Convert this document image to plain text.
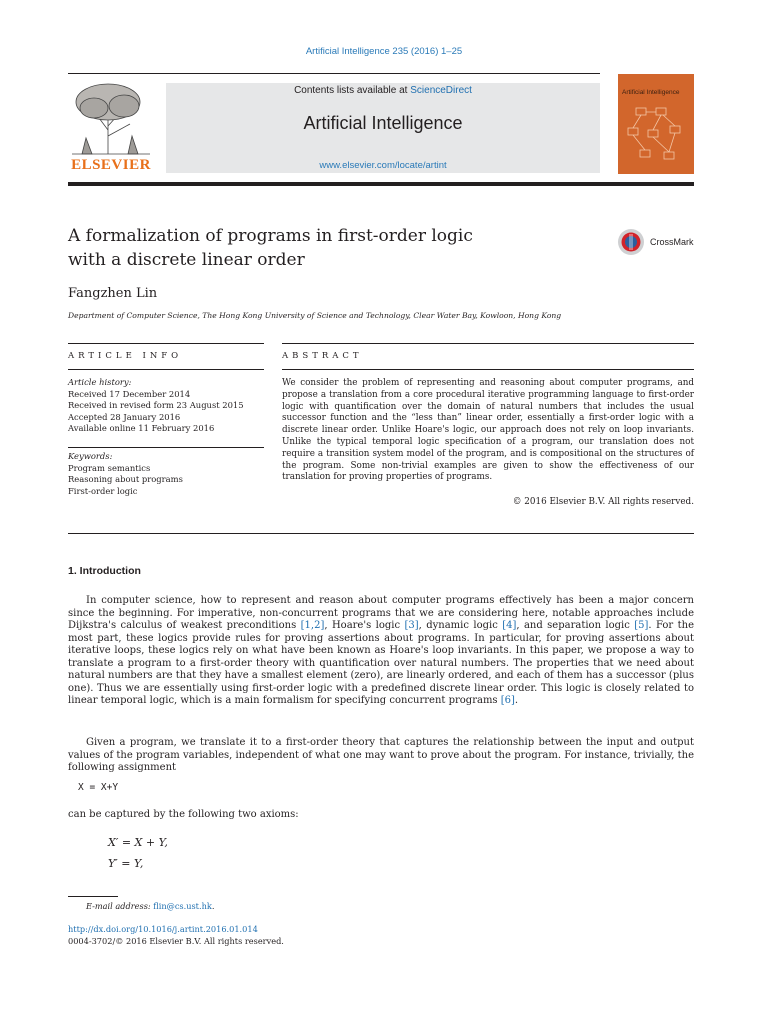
Artificial Intelligence 235 (2016) 1–25
ELSEVIER
Contents lists available at ScienceDirect
Artificial Intelligence
www.elsevier.com/locate/artint
Artificial Intelligence
A formalization of programs in first-order logic
with a discrete linear order
CrossMark
Fangzhen Lin
Department of Computer Science, The Hong Kong University of Science and Technology, Clear Water Bay, Kowloon, Hong Kong
ARTICLE INFO	ABSTRACT
Article history:
Received 17 December 2014
Received in revised form 23 August 2015
Accepted 28 January 2016
Available online 11 February 2016
Keywords:
Program semantics
Reasoning about programs
First-order logic
We consider the problem of representing and reasoning about computer programs, and propose a translation from a core procedural iterative programming language to first-order logic with quantification over the domain of natural numbers that includes the usual successor function and the “less than” linear order, essentially a first-order logic with a discrete linear order. Unlike Hoare's logic, our approach does not rely on loop invariants. Unlike the typical temporal logic specification of a program, our translation does not require a transition system model of the program, and is compositional on the structures of the program. Some non-trivial examples are given to show the effectiveness of our translation for proving properties of programs.
© 2016 Elsevier B.V. All rights reserved.
1. Introduction

In computer science, how to represent and reason about computer programs effectively has been a major concern since the beginning. For imperative, non-concurrent programs that we are considering here, notable approaches include Dijkstra's calculus of weakest preconditions [1,2], Hoare's logic [3], dynamic logic [4], and separation logic [5]. For the most part, these logics provide rules for proving assertions about programs. In particular, for proving assertions about iterative loops, these logics rely on what have been known as Hoare's loop invariants. In this paper, we propose a way to translate a program to a first-order theory with quantification over natural numbers. The properties that we need about natural numbers are that they have a smallest element (zero), are linearly ordered, and each of them has a successor (plus one). Thus we are essentially using first-order logic with a predefined discrete linear order. This logic is closely related to linear temporal logic, which is a main formalism for specifying concurrent programs [6].

Given a program, we translate it to a first-order theory that captures the relationship between the input and output values of the program variables, independent of what one may want to prove about the program. For instance, trivially, the following assignment

X = X+Y
can be captured by the following two axioms:
X′ = X + Y,
Y′ = Y,
E-mail address: flin@cs.ust.hk.
http://dx.doi.org/10.1016/j.artint.2016.01.014
0004-3702/© 2016 Elsevier B.V. All rights reserved.
